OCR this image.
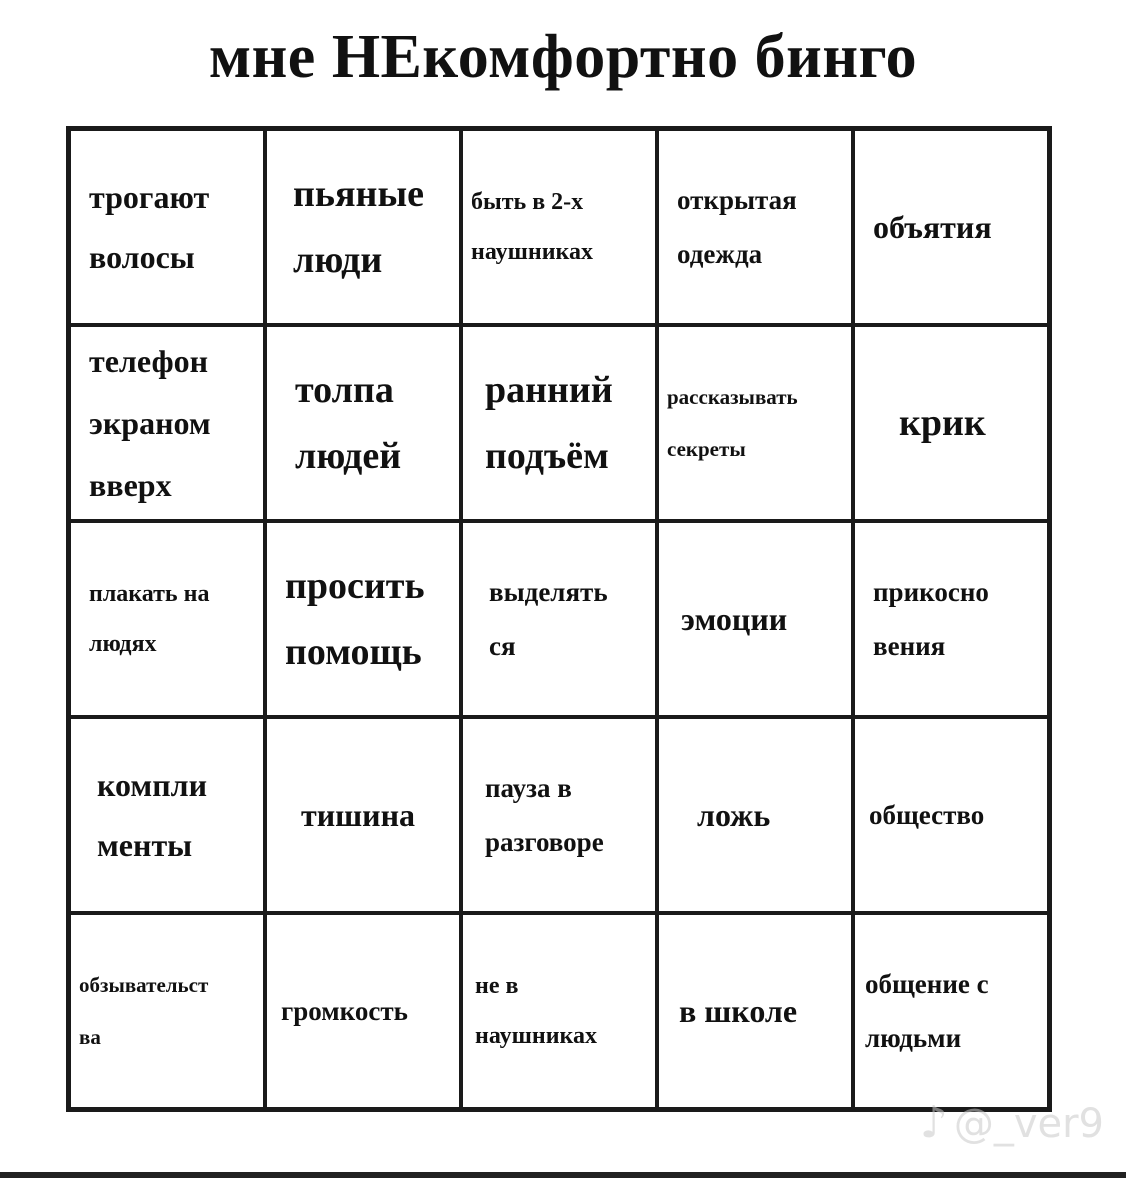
мне НЕкомфортно бинго
трогают
волосы
пьяные
люди
быть в 2-х
наушниках
открытая
одежда
объятия
телефон
экраном
вверх
толпа
людей
ранний
подъём
рассказывать
секреты
крик
плакать на
людях
просить
помощь
выделять
ся
эмоции
прикосно
вения
компли
менты
тишина
пауза в
разговоре
ложь	общество
обзывательст
ва
громкость
не в
наушниках
в школе
общение с
людьми
♪ @_ver9
